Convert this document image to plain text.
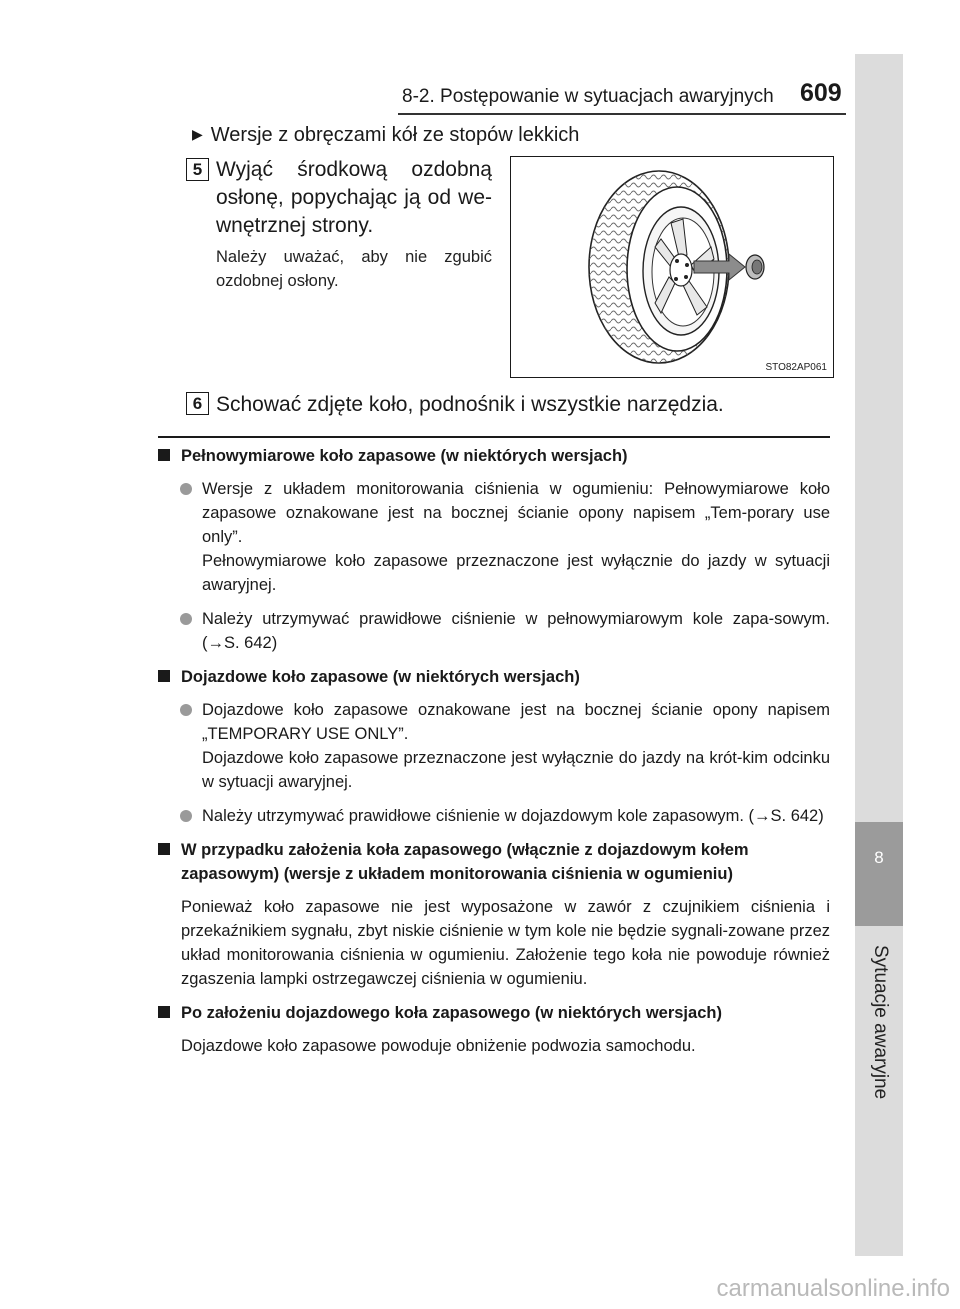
8-2. Postępowanie w sytuacjach awaryjnych 609
8
Sytuacje awaryjne
▶ Wersje z obręczami kół ze stopów lekkich
5 Wyjąć środkową ozdobną osłonę, popychając ją od we-wnętrznej strony.
Należy uważać, aby nie zgubić ozdobnej osłony.
STO82AP061
6 Schować zdjęte koło, podnośnik i wszystkie narzędzia.
Pełnowymiarowe koło zapasowe (w niektórych wersjach)

Wersje z układem monitorowania ciśnienia w ogumieniu: Pełnowymiarowe koło zapasowe oznakowane jest na bocznej ścianie opony napisem „Tem-porary use only”.

Pełnowymiarowe koło zapasowe przeznaczone jest wyłącznie do jazdy w sytuacji awaryjnej.

Należy utrzymywać prawidłowe ciśnienie w pełnowymiarowym kole zapa-sowym. (→S. 642)

Dojazdowe koło zapasowe (w niektórych wersjach)

Dojazdowe koło zapasowe oznakowane jest na bocznej ścianie opony napisem „TEMPORARY USE ONLY”.

Dojazdowe koło zapasowe przeznaczone jest wyłącznie do jazdy na krót-kim odcinku w sytuacji awaryjnej.

Należy utrzymywać prawidłowe ciśnienie w dojazdowym kole zapasowym. (→S. 642)

W przypadku założenia koła zapasowego (włącznie z dojazdowym kołem zapasowym) (wersje z układem monitorowania ciśnienia w ogumieniu)

Ponieważ koło zapasowe nie jest wyposażone w zawór z czujnikiem ciśnienia i przekaźnikiem sygnału, zbyt niskie ciśnienie w tym kole nie będzie sygnali-zowane przez układ monitorowania ciśnienia w ogumieniu. Założenie tego koła nie powoduje również zgaszenia lampki ostrzegawczej ciśnienia w ogumieniu.

Po założeniu dojazdowego koła zapasowego (w niektórych wersjach)

Dojazdowe koło zapasowe powoduje obniżenie podwozia samochodu.

carmanualsonline.info
